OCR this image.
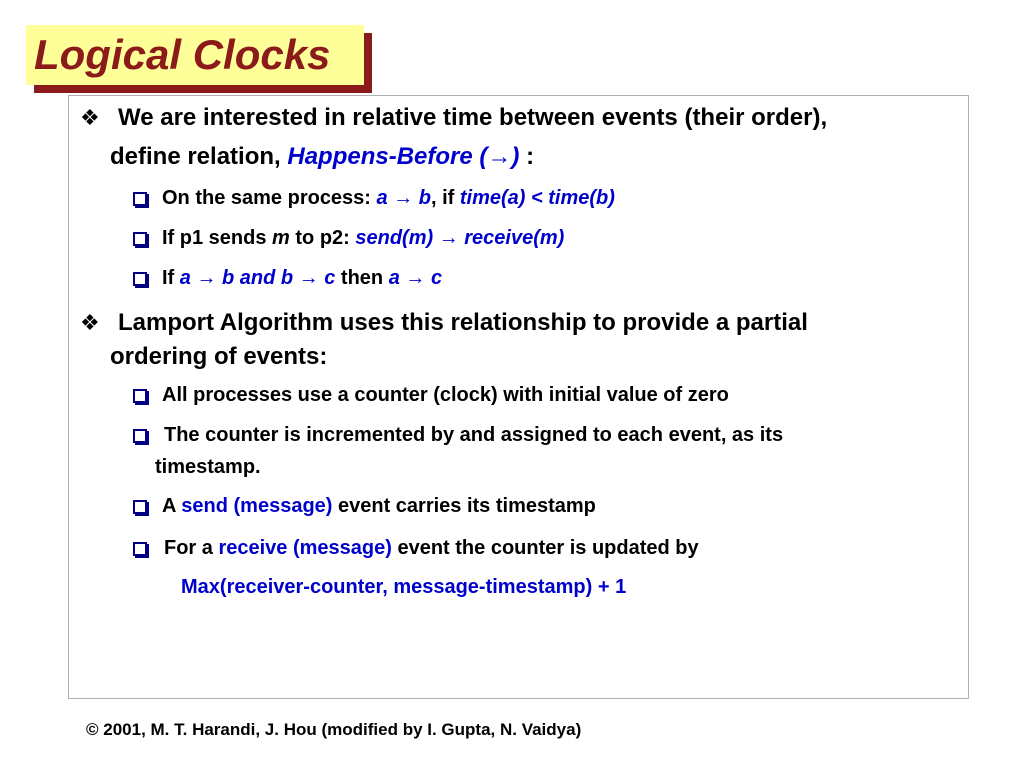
Logical Clocks
❖ We are interested in relative time between events (their order),
define relation, Happens-Before (→) :
On the same process: a → b, if time(a) < time(b)
If p1 sends m to p2: send(m) → receive(m)
If a → b and b → c then a → c
❖ Lamport Algorithm uses this relationship to provide a partial
ordering of events:
All processes use a counter (clock) with initial value of zero
The counter is incremented by and assigned to each event, as its
timestamp.
A send (message) event carries its timestamp
For a receive (message) event the counter is updated by
Max(receiver-counter, message-timestamp) + 1
© 2001, M. T. Harandi, J. Hou (modified by I. Gupta, N. Vaidya)
